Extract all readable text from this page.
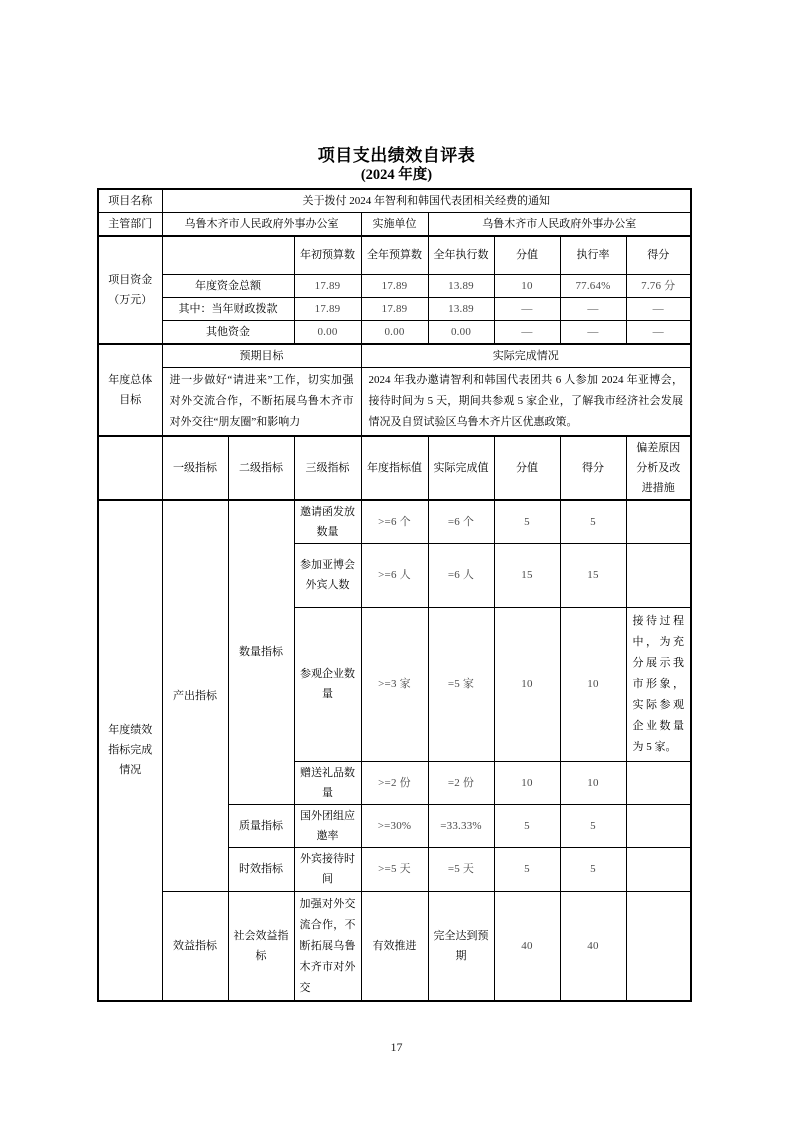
项目支出绩效自评表
(2024 年度)
项目名称	关于拨付 2024 年智利和韩国代表团相关经费的通知							
主管部门	乌鲁木齐市人民政府外事办公室			实施单位	乌鲁木齐市人民政府外事办公室			
项目资金（万元）			年初预算数	全年预算数	全年执行数	分值	执行率	得分
	年度资金总额		17.89	17.89	13.89	10	77.64%	7.76 分
	其中：当年财政拨款		17.89	17.89	13.89	—	—	—
	其他资金		0.00	0.00	0.00	—	—	—
年度总体目标	预期目标			实际完成情况				
	进一步做好“请进来”工作，切实加强对外交流合作，不断拓展乌鲁木齐市对外交往“朋友圈”和影响力			2024 年我办邀请智利和韩国代表团共 6 人参加 2024 年亚博会，接待时间为 5 天，期间共参观 5 家企业，了解我市经济社会发展情况及自贸试验区乌鲁木齐片区优惠政策。				
	一级指标	二级指标	三级指标	年度指标值	实际完成值	分值	得分	偏差原因分析及改进措施
年度绩效指标完成情况	产出指标	数量指标	邀请函发放数量	>=6 个	=6 个	5	5	
			参加亚博会外宾人数	>=6 人	=6 人	15	15	
			参观企业数量	>=3 家	=5 家	10	10	接待过程中，为充分展示我市形象，实际参观企业数量为 5 家。
			赠送礼品数量	>=2 份	=2 份	10	10	
		质量指标	国外团组应邀率	>=30%	=33.33%	5	5	
		时效指标	外宾接待时间	>=5 天	=5 天	5	5	
	效益指标	社会效益指标	加强对外交流合作，不断拓展乌鲁木齐市对外交	有效推进	完全达到预期	40	40	
17
